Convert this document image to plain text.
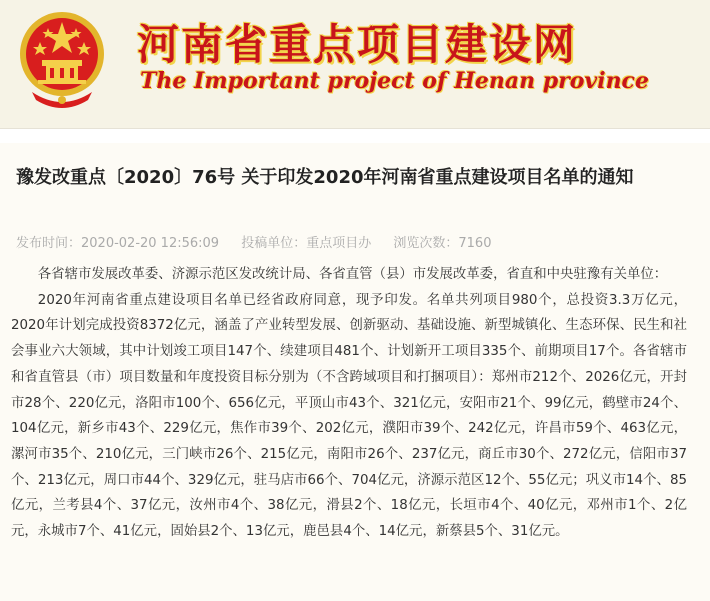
河南省重点项目建设网
The Important project of Henan province
豫发改重点〔2020〕76号 关于印发2020年河南省重点建设项目名单的通知
发布时间：2020-02-20 12:56:09 投稿单位：重点项目办 浏览次数：7160

各省辖市发展改革委、济源示范区发改统计局、各省直管（县）市发展改革委，省直和中央驻豫有关单位：

2020年河南省重点建设项目名单已经省政府同意，现予印发。名单共列项目980个，总投资3.3万亿元，2020年计划完成投资8372亿元，涵盖了产业转型发展、创新驱动、基础设施、新型城镇化、生态环保、民生和社会事业六大领域，其中计划竣工项目147个、续建项目481个、计划新开工项目335个、前期项目17个。各省辖市和省直管县（市）项目数量和年度投资目标分别为（不含跨域项目和打捆项目）：郑州市212个、2026亿元，开封市28个、220亿元，洛阳市100个、656亿元，平顶山市43个、321亿元，安阳市21个、99亿元，鹤壁市24个、104亿元，新乡市43个、229亿元，焦作市39个、202亿元，濮阳市39个、242亿元，许昌市59个、463亿元，漯河市35个、210亿元，三门峡市26个、215亿元，南阳市26个、237亿元，商丘市30个、272亿元，信阳市37个、213亿元，周口市44个、329亿元，驻马店市66个、704亿元，济源示范区12个、55亿元；巩义市14个、85亿元，兰考县4个、37亿元，汝州市4个、38亿元，滑县2个、18亿元，长垣市4个、40亿元，邓州市1个、2亿元，永城市7个、41亿元，固始县2个、13亿元，鹿邑县4个、14亿元，新蔡县5个、31亿元。
